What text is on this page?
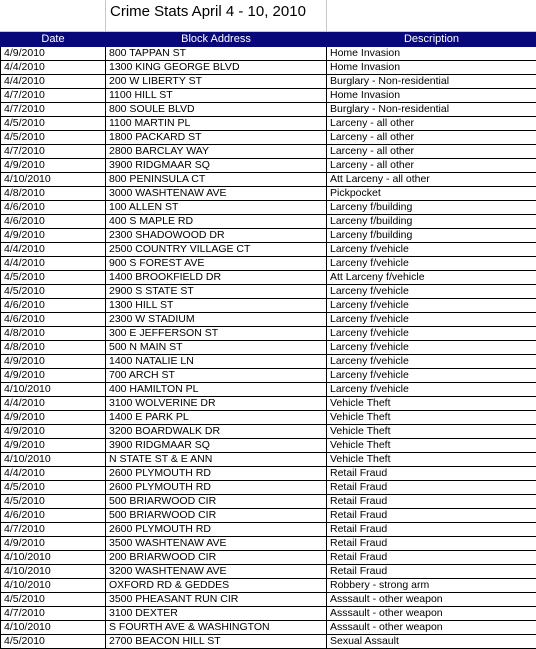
Crime Stats April 4 - 10, 2010
Date	Block Address	Description
4/9/2010	800 TAPPAN ST	Home Invasion
4/4/2010	1300 KING GEORGE BLVD	Home Invasion
4/4/2010	200 W LIBERTY ST	Burglary - Non-residential
4/7/2010	1100 HILL ST	Home Invasion
4/7/2010	800 SOULE BLVD	Burglary - Non-residential
4/5/2010	1100 MARTIN PL	Larceny - all other
4/5/2010	1800 PACKARD ST	Larceny - all other
4/7/2010	2800 BARCLAY WAY	Larceny - all other
4/9/2010	3900 RIDGMAAR SQ	Larceny - all other
4/10/2010	800 PENINSULA CT	Att Larceny - all other
4/8/2010	3000 WASHTENAW AVE	Pickpocket
4/6/2010	100 ALLEN ST	Larceny f/building
4/6/2010	400 S MAPLE RD	Larceny f/building
4/9/2010	2300 SHADOWOOD DR	Larceny f/building
4/4/2010	2500 COUNTRY VILLAGE CT	Larceny f/vehicle
4/4/2010	900 S FOREST AVE	Larceny f/vehicle
4/5/2010	1400 BROOKFIELD DR	Att Larceny f/vehicle
4/5/2010	2900 S STATE ST	Larceny f/vehicle
4/6/2010	1300 HILL ST	Larceny f/vehicle
4/6/2010	2300 W STADIUM	Larceny f/vehicle
4/8/2010	300 E JEFFERSON ST	Larceny f/vehicle
4/8/2010	500 N MAIN ST	Larceny f/vehicle
4/9/2010	1400 NATALIE LN	Larceny f/vehicle
4/9/2010	700 ARCH ST	Larceny f/vehicle
4/10/2010	400 HAMILTON PL	Larceny f/vehicle
4/4/2010	3100 WOLVERINE DR	Vehicle Theft
4/9/2010	1400 E PARK PL	Vehicle Theft
4/9/2010	3200 BOARDWALK DR	Vehicle Theft
4/9/2010	3900 RIDGMAAR SQ	Vehicle Theft
4/10/2010	N STATE ST & E ANN	Vehicle Theft
4/4/2010	2600 PLYMOUTH RD	Retail Fraud
4/5/2010	2600 PLYMOUTH RD	Retail Fraud
4/5/2010	500 BRIARWOOD CIR	Retail Fraud
4/6/2010	500 BRIARWOOD CIR	Retail Fraud
4/7/2010	2600 PLYMOUTH RD	Retail Fraud
4/9/2010	3500 WASHTENAW AVE	Retail Fraud
4/10/2010	200 BRIARWOOD CIR	Retail Fraud
4/10/2010	3200 WASHTENAW AVE	Retail Fraud
4/10/2010	OXFORD RD & GEDDES	Robbery - strong arm
4/5/2010	3500 PHEASANT RUN CIR	Asssault - other weapon
4/7/2010	3100 DEXTER	Asssault - other weapon
4/10/2010	S FOURTH AVE & WASHINGTON	Asssault - other weapon
4/5/2010	2700 BEACON HILL ST	Sexual Assault
